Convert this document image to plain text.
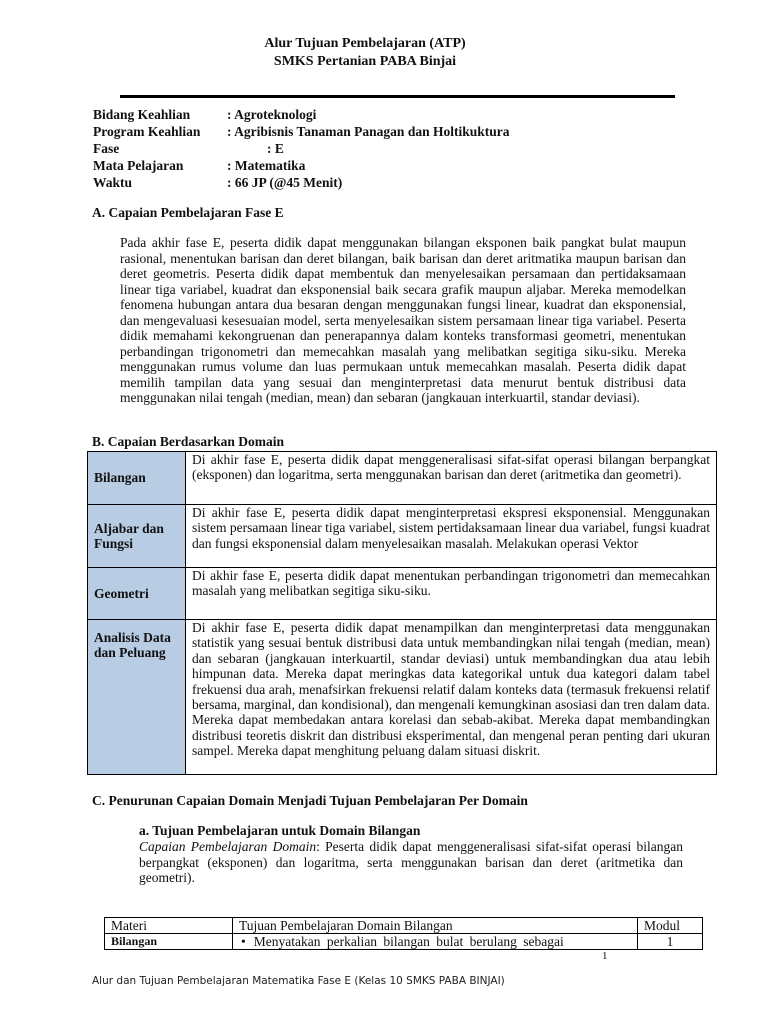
Alur Tujuan Pembelajaran (ATP)
SMKS Pertanian PABA Binjai
Bidang Keahlian	: Agroteknologi
Program Keahlian	: Agribisnis Tanaman Panagan dan Holtikuktura
Fase	: E
Mata Pelajaran	: Matematika
Waktu	: 66 JP (@45 Menit)
A. Capaian Pembelajaran Fase E
Pada akhir fase E, peserta didik dapat menggunakan bilangan eksponen baik pangkat bulat maupun rasional, menentukan barisan dan deret bilangan, baik barisan dan deret aritmatika maupun barisan dan deret geometris. Peserta didik dapat membentuk dan menyelesaikan persamaan dan pertidaksamaan linear tiga variabel, kuadrat dan eksponensial baik secara grafik maupun aljabar. Mereka memodelkan fenomena hubungan antara dua besaran dengan menggunakan fungsi linear, kuadrat dan eksponensial, dan mengevaluasi kesesuaian model, serta menyelesaikan sistem persamaan linear tiga variabel. Peserta didik memahami kekongruenan dan penerapannya dalam konteks transformasi geometri, menentukan perbandingan trigonometri dan memecahkan masalah yang melibatkan segitiga siku-siku. Mereka menggunakan rumus volume dan luas permukaan untuk memecahkan masalah. Peserta didik dapat memilih tampilan data yang sesuai dan menginterpretasi data menurut bentuk distribusi data menggunakan nilai tengah (median, mean) dan sebaran (jangkauan interkuartil, standar deviasi).
B. Capaian Berdasarkan Domain
Bilangan	Di akhir fase E, peserta didik dapat menggeneralisasi sifat-sifat operasi bilangan berpangkat (eksponen) dan logaritma, serta menggunakan barisan dan deret (aritmetika dan geometri).
Aljabar dan Fungsi	Di akhir fase E, peserta didik dapat menginterpretasi ekspresi eksponensial. Menggunakan sistem persamaan linear tiga variabel, sistem pertidaksamaan linear dua variabel, fungsi kuadrat dan fungsi eksponensial dalam menyelesaikan masalah. Melakukan operasi Vektor
Geometri	Di akhir fase E, peserta didik dapat menentukan perbandingan trigonometri dan memecahkan masalah yang melibatkan segitiga siku-siku.
Analisis Data dan Peluang	Di akhir fase E, peserta didik dapat menampilkan dan menginterpretasi data menggunakan statistik yang sesuai bentuk distribusi data untuk membandingkan nilai tengah (median, mean) dan sebaran (jangkauan interkuartil, standar deviasi) untuk membandingkan dua atau lebih himpunan data. Mereka dapat meringkas data kategorikal untuk dua kategori dalam tabel frekuensi dua arah, menafsirkan frekuensi relatif dalam konteks data (termasuk frekuensi relatif bersama, marginal, dan kondisional), dan mengenali kemungkinan asosiasi dan tren dalam data. Mereka dapat membedakan antara korelasi dan sebab-akibat. Mereka dapat membandingkan distribusi teoretis diskrit dan distribusi eksperimental, dan mengenal peran penting dari ukuran sampel. Mereka dapat menghitung peluang dalam situasi diskrit.
C. Penurunan Capaian Domain Menjadi Tujuan Pembelajaran Per Domain
a. Tujuan Pembelajaran untuk Domain Bilangan
Capaian Pembelajaran Domain: Peserta didik dapat menggeneralisasi sifat-sifat operasi bilangan berpangkat (eksponen) dan logaritma, serta menggunakan barisan dan deret (aritmetika dan geometri).
Materi	Tujuan Pembelajaran Domain Bilangan	Modul
Bilangan	• Menyatakan perkalian bilangan bulat berulang sebagai	1
1
Alur dan Tujuan Pembelajaran Matematika Fase E (Kelas 10 SMKS PABA BINJAI)
